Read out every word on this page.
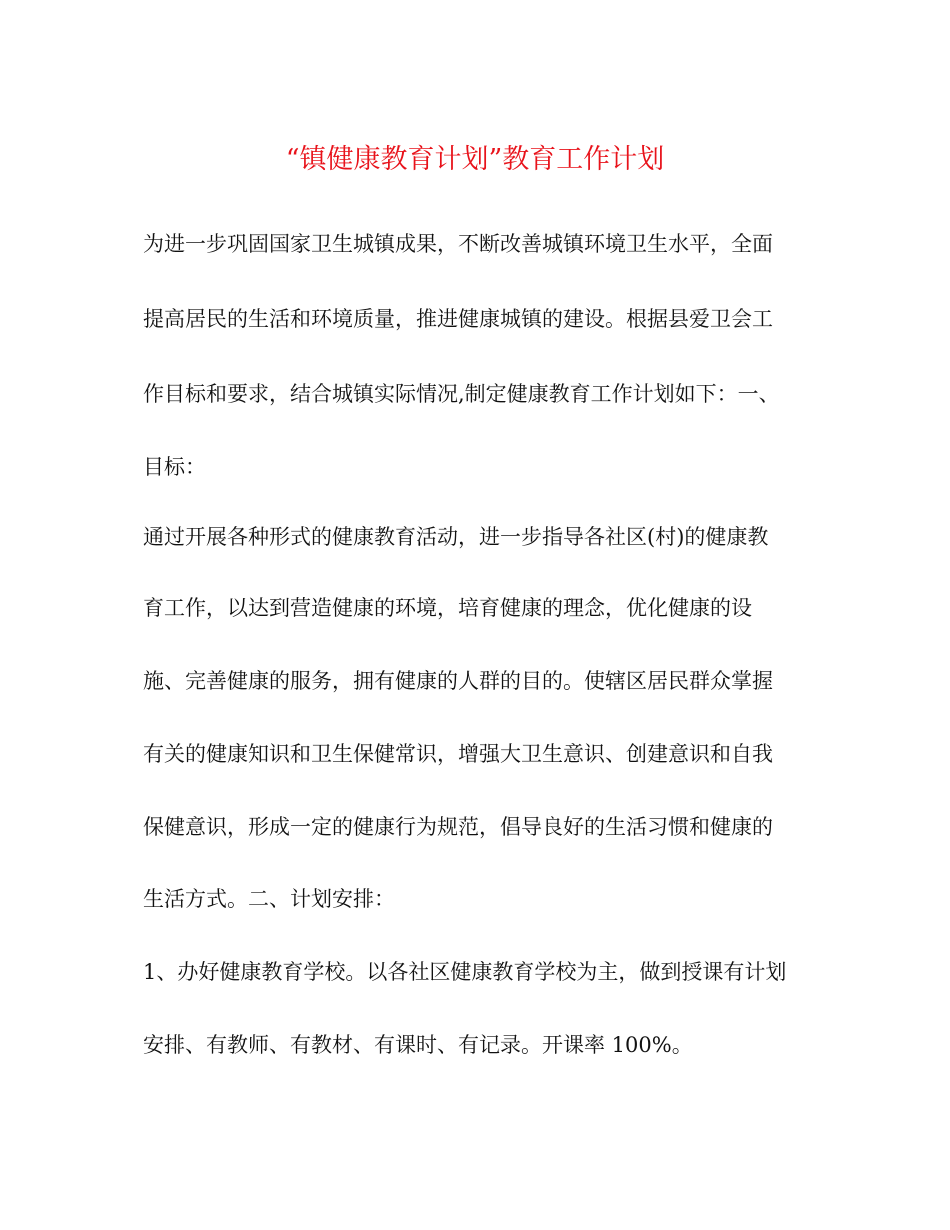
“镇健康教育计划”教育工作计划
为进一步巩固国家卫生城镇成果，不断改善城镇环境卫生水平，全面
提高居民的生活和环境质量，推进健康城镇的建设。根据县爱卫会工
作目标和要求，结合城镇实际情况,制定健康教育工作计划如下：一、
目标：
通过开展各种形式的健康教育活动，进一步指导各社区(村)的健康教
育工作，以达到营造健康的环境，培育健康的理念，优化健康的设
施、完善健康的服务，拥有健康的人群的目的。使辖区居民群众掌握
有关的健康知识和卫生保健常识，增强大卫生意识、创建意识和自我
保健意识，形成一定的健康行为规范，倡导良好的生活习惯和健康的
生活方式。二、计划安排：
1、办好健康教育学校。以各社区健康教育学校为主，做到授课有计划
安排、有教师、有教材、有课时、有记录。开课率 100%。
